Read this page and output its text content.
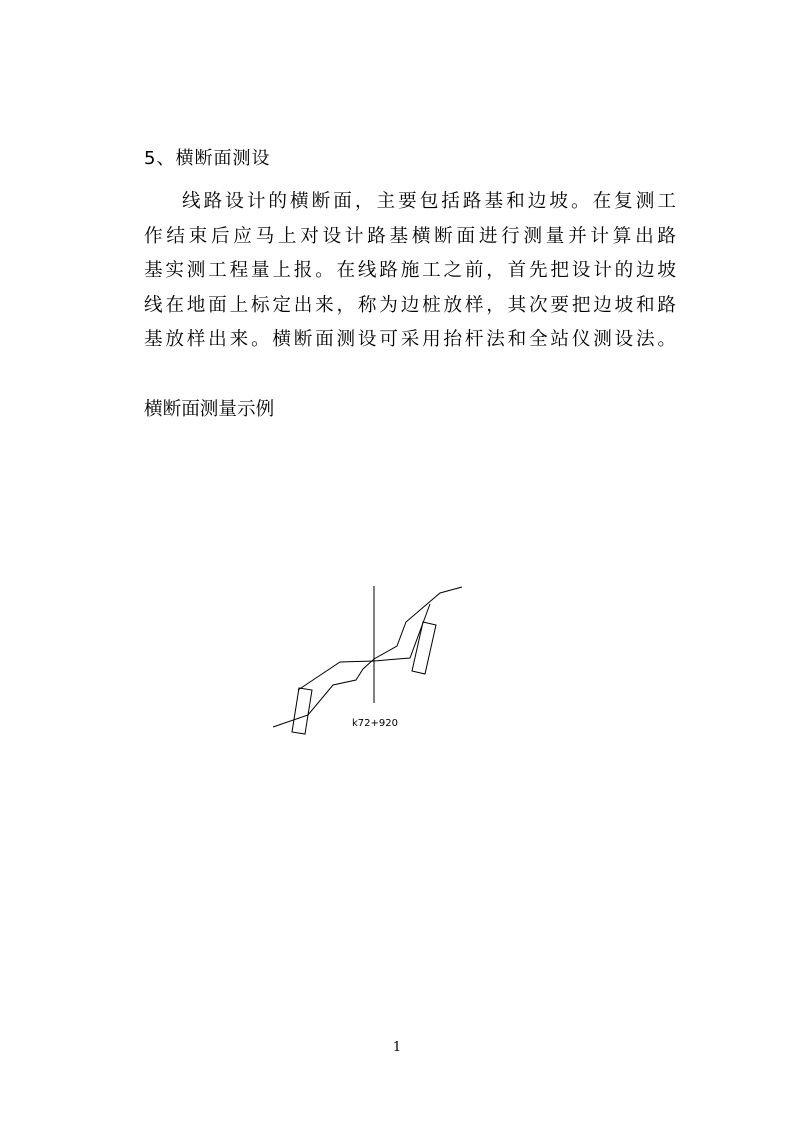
5、横断面测设
线路设计的横断面，主要包括路基和边坡。在复测工
作结束后应马上对设计路基横断面进行测量并计算出路
基实测工程量上报。在线路施工之前，首先把设计的边坡
线在地面上标定出来，称为边桩放样，其次要把边坡和路
基放样出来。横断面测设可采用抬杆法和全站仪测设法。
横断面测量示例
k72+920
1
